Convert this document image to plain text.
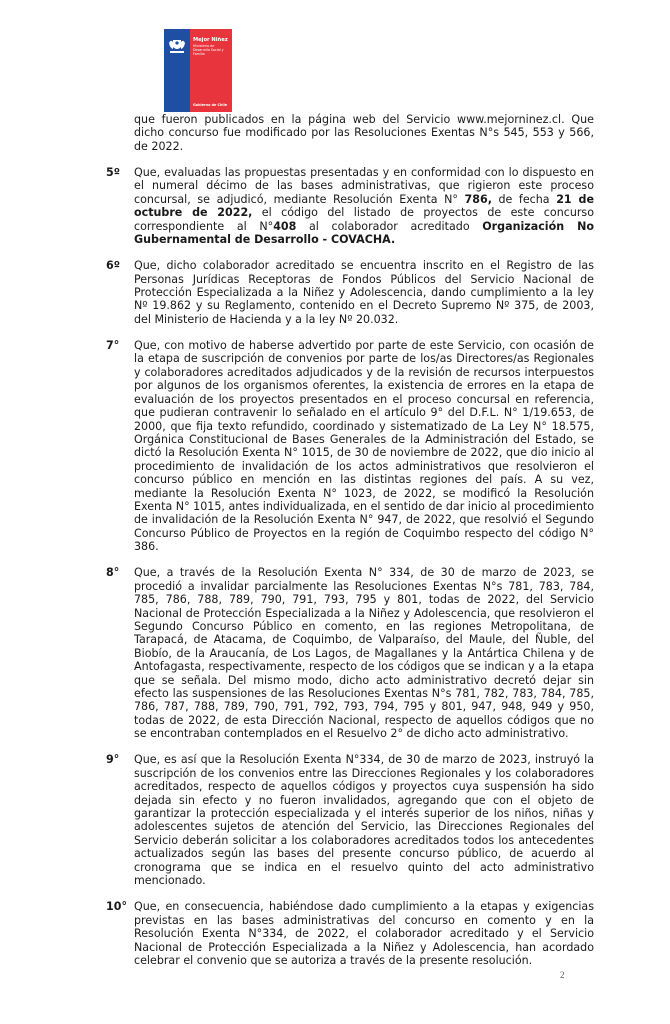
Mejor Niñez
Ministerio de Desarrollo Social y Familia
Gobierno de Chile

que fueron publicados en la página web del Servicio www.mejorninez.cl. Que dicho concurso fue modificado por las Resoluciones Exentas N°s 545, 553 y 566, de 2022.

5º Que, evaluadas las propuestas presentadas y en conformidad con lo dispuesto en el numeral décimo de las bases administrativas, que rigieron este proceso concursal, se adjudicó, mediante Resolución Exenta N° 786, de fecha 21 de octubre de 2022, el código del listado de proyectos de este concurso correspondiente al N°408 al colaborador acreditado Organización No Gubernamental de Desarrollo - COVACHA.

6º Que, dicho colaborador acreditado se encuentra inscrito en el Registro de las Personas Jurídicas Receptoras de Fondos Públicos del Servicio Nacional de Protección Especializada a la Niñez y Adolescencia, dando cumplimiento a la ley Nº 19.862 y su Reglamento, contenido en el Decreto Supremo Nº 375, de 2003, del Ministerio de Hacienda y a la ley Nº 20.032.

7° Que, con motivo de haberse advertido por parte de este Servicio, con ocasión de la etapa de suscripción de convenios por parte de los/as Directores/as Regionales y colaboradores acreditados adjudicados y de la revisión de recursos interpuestos por algunos de los organismos oferentes, la existencia de errores en la etapa de evaluación de los proyectos presentados en el proceso concursal en referencia, que pudieran contravenir lo señalado en el artículo 9° del D.F.L. N° 1/19.653, de 2000, que fija texto refundido, coordinado y sistematizado de La Ley N° 18.575, Orgánica Constitucional de Bases Generales de la Administración del Estado, se dictó la Resolución Exenta N° 1015, de 30 de noviembre de 2022, que dio inicio al procedimiento de invalidación de los actos administrativos que resolvieron el concurso público en mención en las distintas regiones del país. A su vez, mediante la Resolución Exenta N° 1023, de 2022, se modificó la Resolución Exenta N° 1015, antes individualizada, en el sentido de dar inicio al procedimiento de invalidación de la Resolución Exenta N° 947, de 2022, que resolvió el Segundo Concurso Público de Proyectos en la región de Coquimbo respecto del código N° 386.

8° Que, a través de la Resolución Exenta N° 334, de 30 de marzo de 2023, se procedió a invalidar parcialmente las Resoluciones Exentas N°s 781, 783, 784, 785, 786, 788, 789, 790, 791, 793, 795 y 801, todas de 2022, del Servicio Nacional de Protección Especializada a la Niñez y Adolescencia, que resolvieron el Segundo Concurso Público en comento, en las regiones Metropolitana, de Tarapacá, de Atacama, de Coquimbo, de Valparaíso, del Maule, del Ñuble, del Biobío, de la Araucanía, de Los Lagos, de Magallanes y la Antártica Chilena y de Antofagasta, respectivamente, respecto de los códigos que se indican y a la etapa que se señala. Del mismo modo, dicho acto administrativo decretó dejar sin efecto las suspensiones de las Resoluciones Exentas N°s 781, 782, 783, 784, 785, 786, 787, 788, 789, 790, 791, 792, 793, 794, 795 y 801, 947, 948, 949 y 950, todas de 2022, de esta Dirección Nacional, respecto de aquellos códigos que no se encontraban contemplados en el Resuelvo 2° de dicho acto administrativo.

9° Que, es así que la Resolución Exenta N°334, de 30 de marzo de 2023, instruyó la suscripción de los convenios entre las Direcciones Regionales y los colaboradores acreditados, respecto de aquellos códigos y proyectos cuya suspensión ha sido dejada sin efecto y no fueron invalidados, agregando que con el objeto de garantizar la protección especializada y el interés superior de los niños, niñas y adolescentes sujetos de atención del Servicio, las Direcciones Regionales del Servicio deberán solicitar a los colaboradores acreditados todos los antecedentes actualizados según las bases del presente concurso público, de acuerdo al cronograma que se indica en el resuelvo quinto del acto administrativo mencionado.

10° Que, en consecuencia, habiéndose dado cumplimiento a la etapas y exigencias previstas en las bases administrativas del concurso en comento y en la Resolución Exenta N°334, de 2022, el colaborador acreditado y el Servicio Nacional de Protección Especializada a la Niñez y Adolescencia, han acordado celebrar el convenio que se autoriza a través de la presente resolución.

2
